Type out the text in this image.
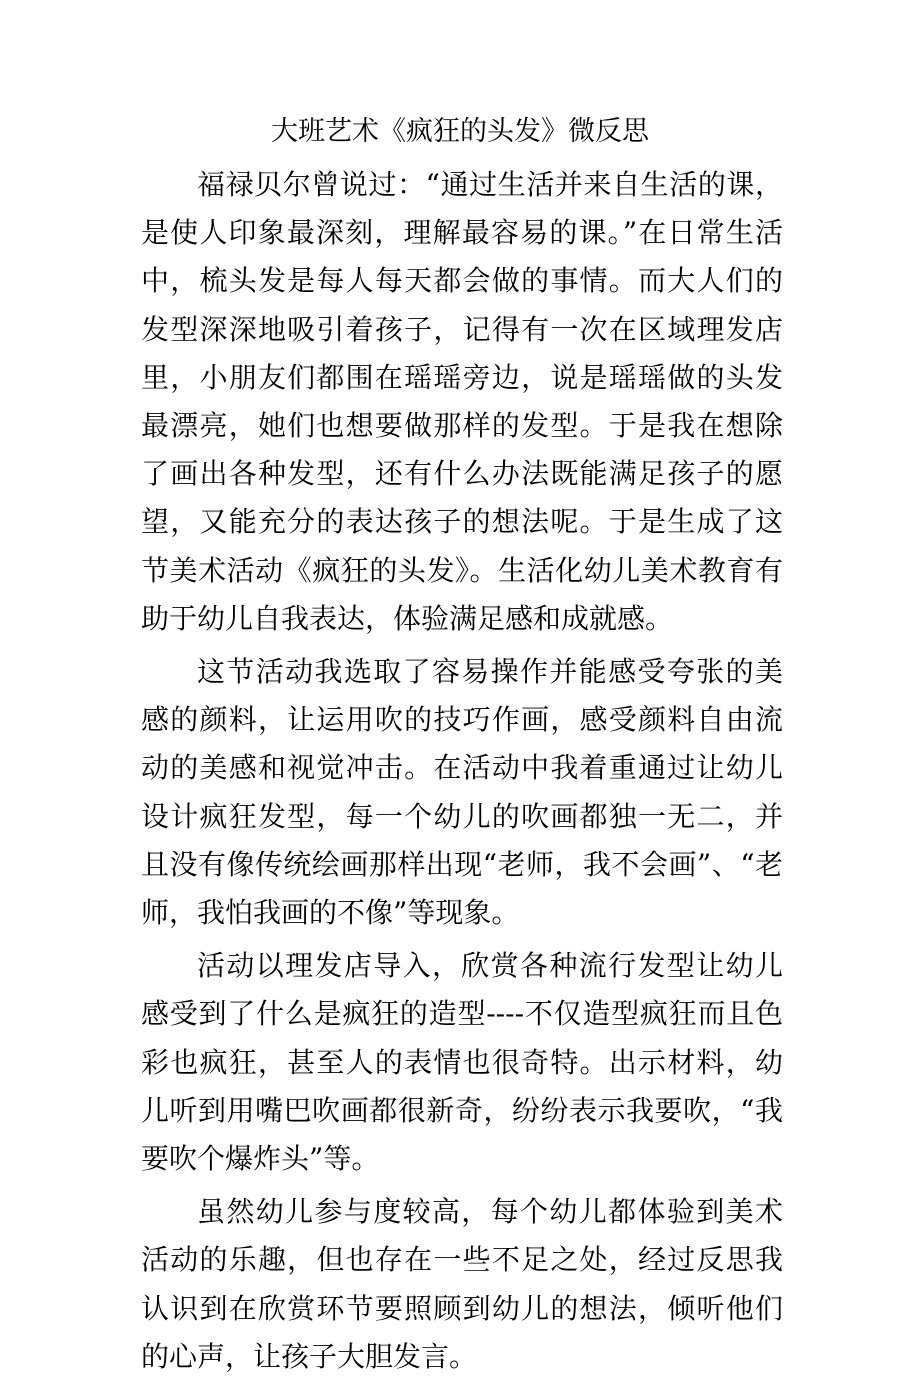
大班艺术《疯狂的头发》微反思

福禄贝尔曾说过：“通过生活并来自生活的课，是使人印象最深刻，理解最容易的课。”在日常生活中，梳头发是每人每天都会做的事情。而大人们的发型深深地吸引着孩子，记得有一次在区域理发店里，小朋友们都围在瑶瑶旁边，说是瑶瑶做的头发最漂亮，她们也想要做那样的发型。于是我在想除了画出各种发型，还有什么办法既能满足孩子的愿望，又能充分的表达孩子的想法呢。于是生成了这节美术活动《疯狂的头发》。生活化幼儿美术教育有助于幼儿自我表达，体验满足感和成就感。

这节活动我选取了容易操作并能感受夸张的美感的颜料，让运用吹的技巧作画，感受颜料自由流动的美感和视觉冲击。在活动中我着重通过让幼儿设计疯狂发型，每一个幼儿的吹画都独一无二，并且没有像传统绘画那样出现“老师，我不会画”、“老师，我怕我画的不像”等现象。

活动以理发店导入，欣赏各种流行发型让幼儿感受到了什么是疯狂的造型----不仅造型疯狂而且色彩也疯狂，甚至人的表情也很奇特。出示材料，幼儿听到用嘴巴吹画都很新奇，纷纷表示我要吹，“我要吹个爆炸头”等。

虽然幼儿参与度较高，每个幼儿都体验到美术活动的乐趣，但也存在一些不足之处，经过反思我认识到在欣赏环节要照顾到幼儿的想法，倾听他们的心声，让孩子大胆发言。
